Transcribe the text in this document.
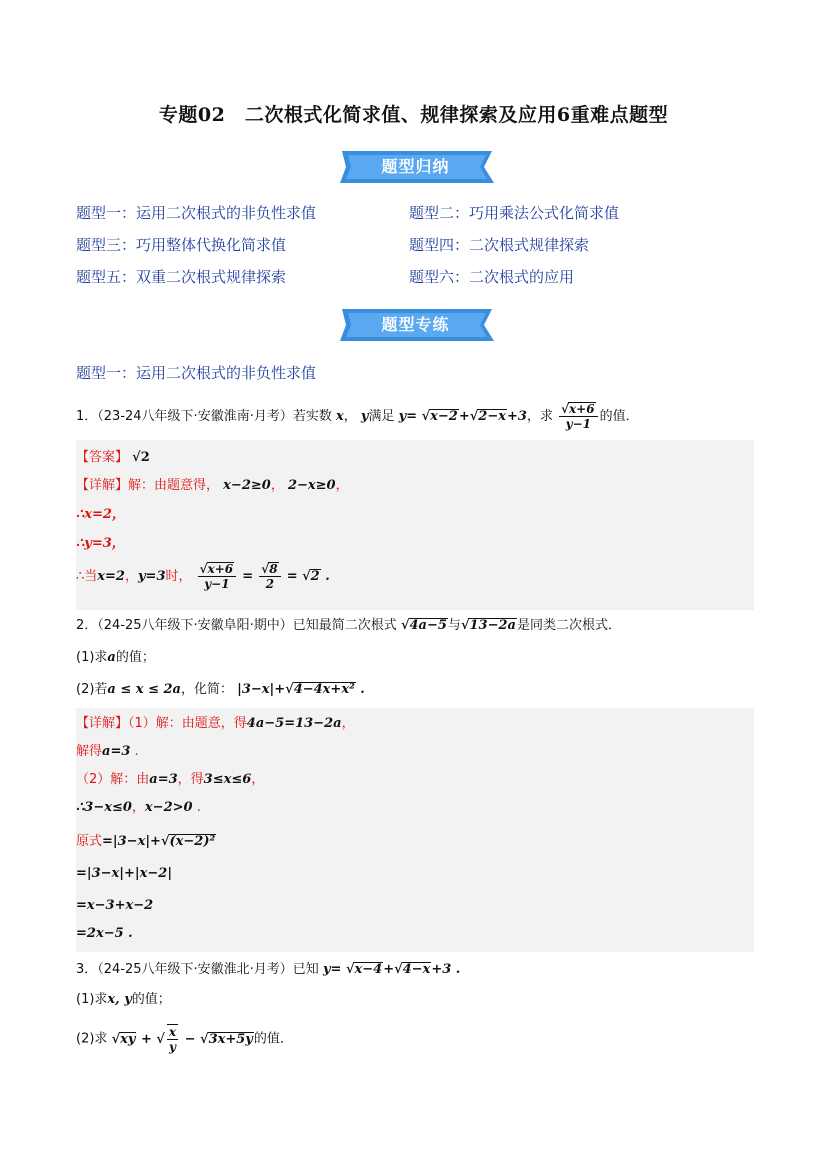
专题02　二次根式化简求值、规律探索及应用6重难点题型
题型归纳
题型一：运用二次根式的非负性求值	题型二：巧用乘法公式化简求值
题型三：巧用整体代换化简求值	题型四：二次根式规律探索
题型五：双重二次根式规律探索	题型六：二次根式的应用
题型专练
题型一：运用二次根式的非负性求值
1．（23-24八年级下·安徽淮南·月考）若实数 x， y满足 y= √x−2+√2−x+3，求 $\frac{√x+6}{y-1}$ 的值．
【答案】 √2
【详解】解：由题意得， x−2≥0， 2−x≥0，
∴x=2，
∴y=3，
∴当x=2，y=3时， $\frac{√x+6}{y-1} = \frac{√8}{2} = √2$ .
2．（24-25八年级下·安徽阜阳·期中）已知最简二次根式 √4a−5与√13−2a是同类二次根式．
(1)求a的值；
(2)若a ≤ x ≤ 2a，化简： |3−x|+√4−4x+x² .
【详解】（1）解：由题意，得4a−5=13−2a，
解得a=3 .
（2）解：由a=3，得3≤x≤6，
∴3−x≤0，x−2>0 .
原式=|3−x|+√(x−2)²
=|3−x|+|x−2|
=x−3+x−2
=2x−5 .
3．（24-25八年级下·安徽淮北·月考）已知 y= √x−4+√4−x+3 .
(1)求x, y的值；
(2)求 √xy + √ $\frac{x}{y} - √3x+5y$的值．
